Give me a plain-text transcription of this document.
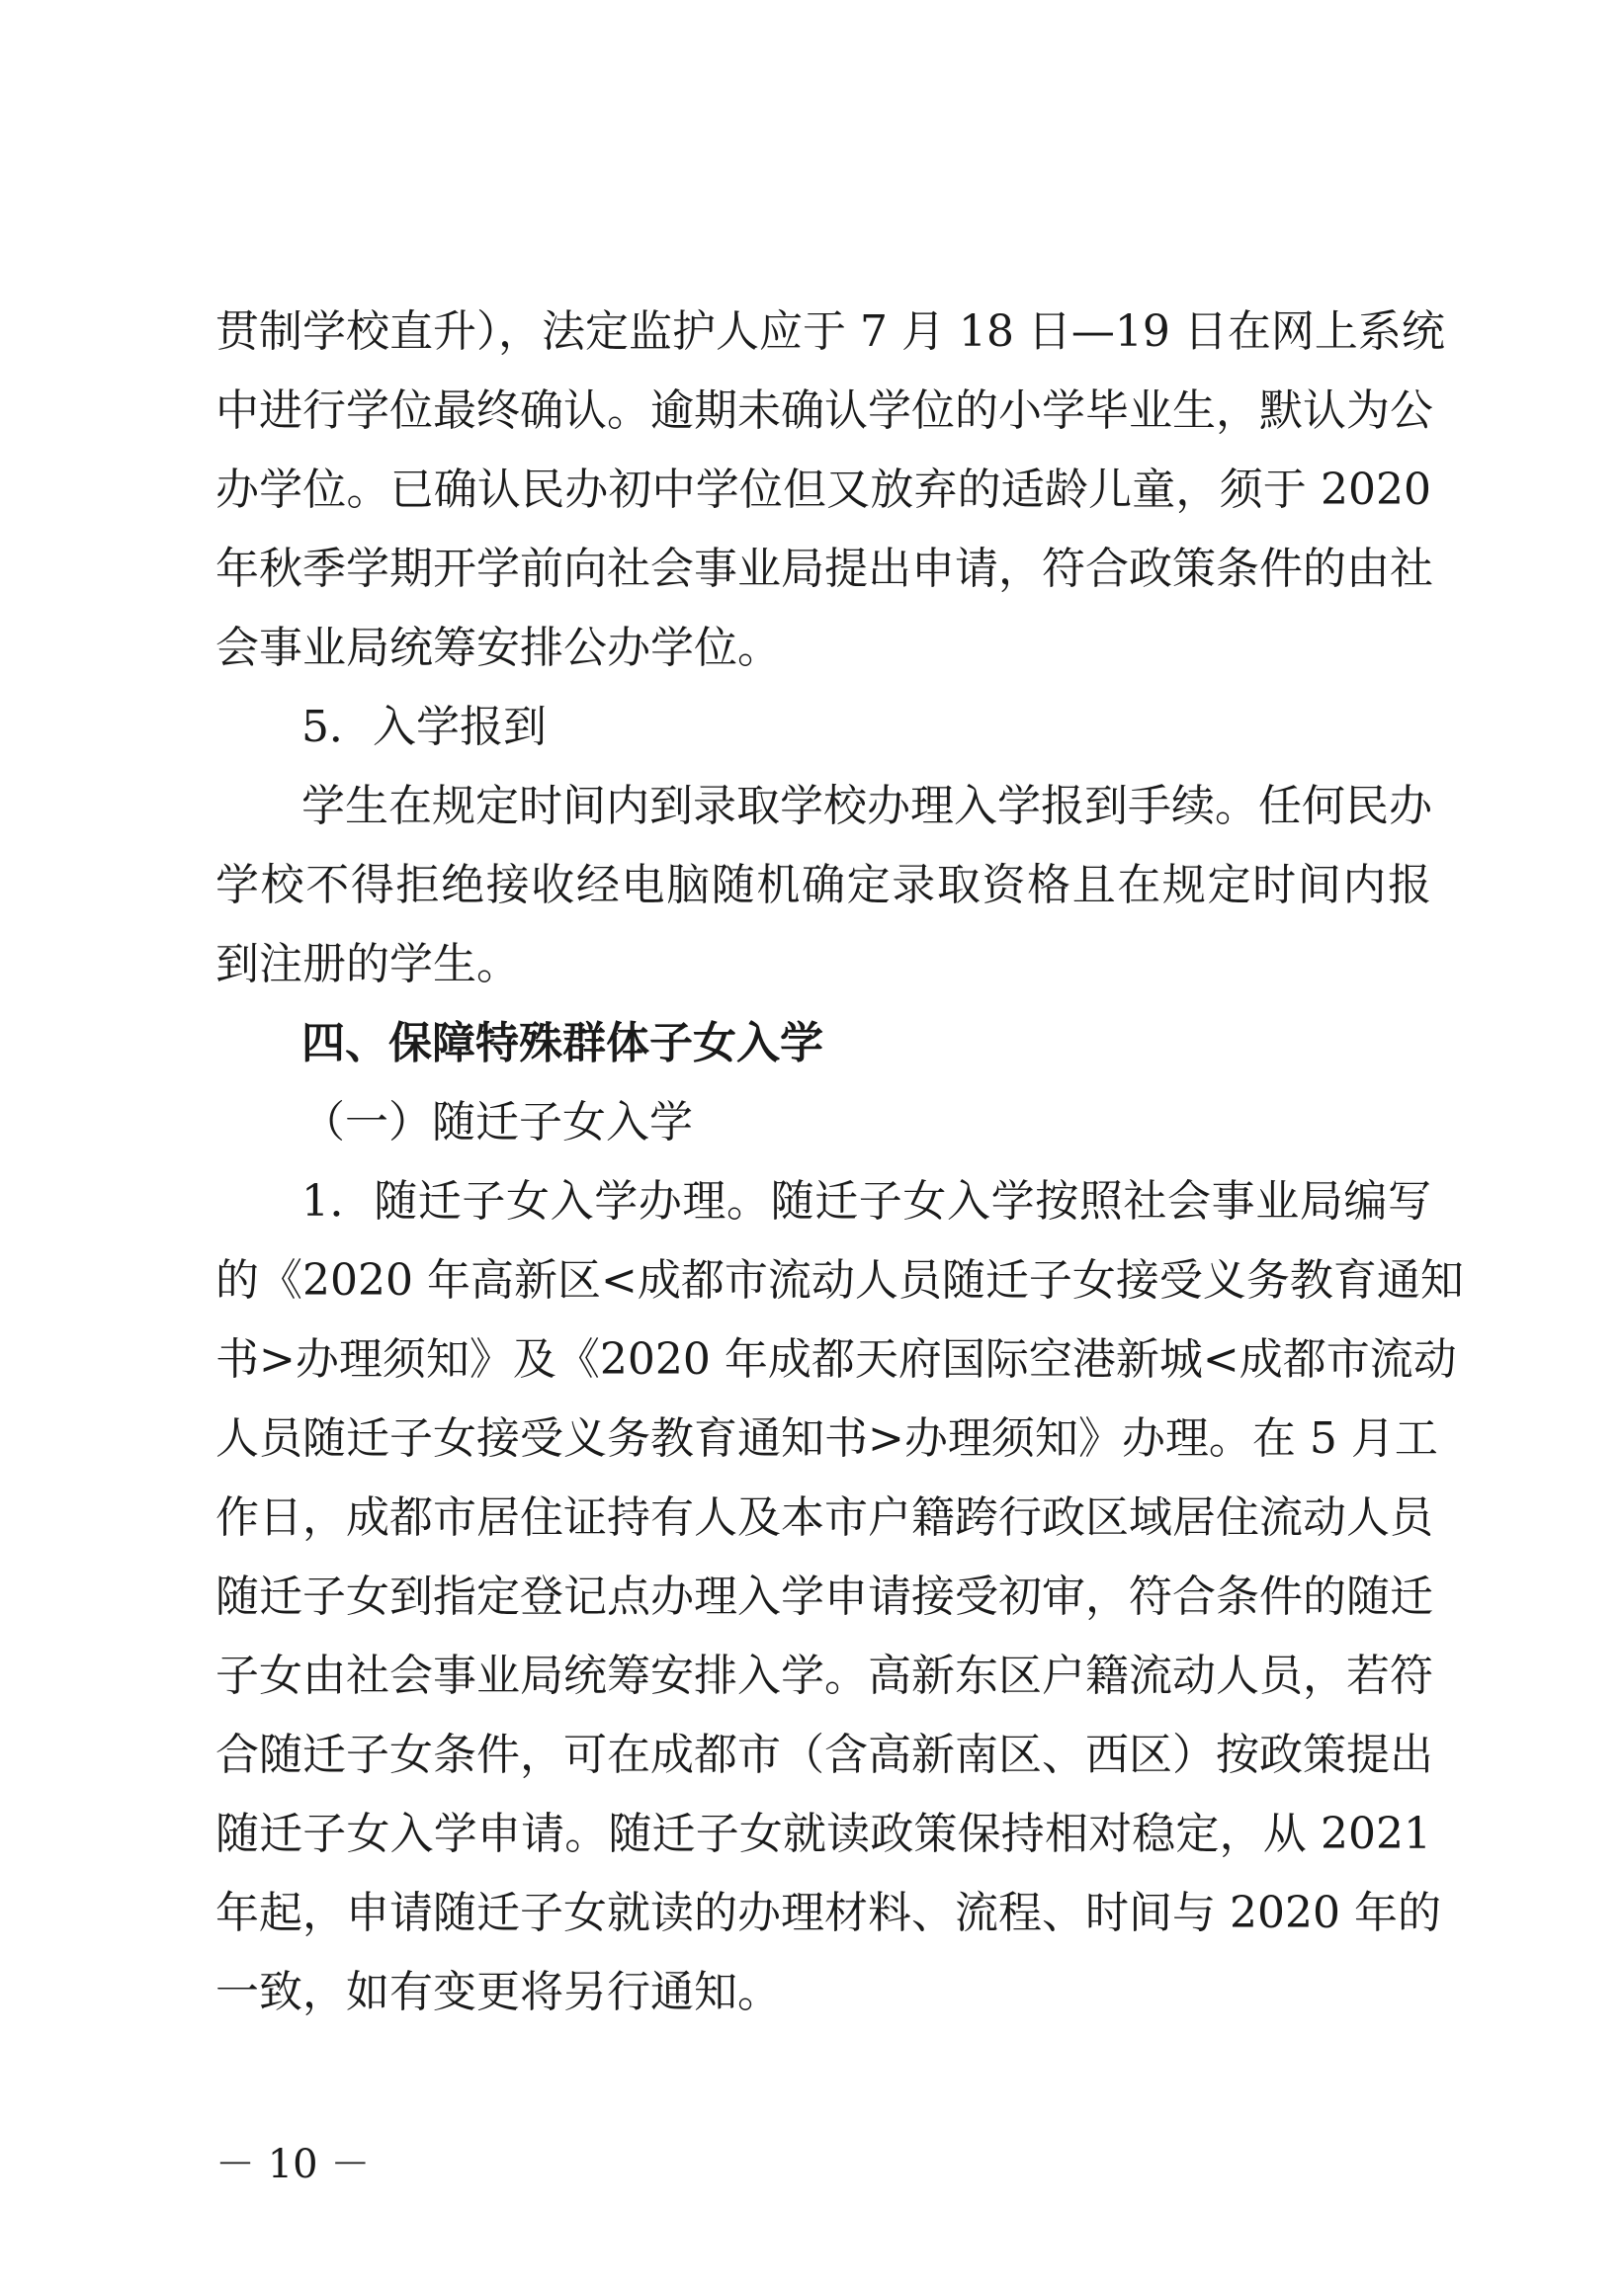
贯制学校直升），法定监护人应于 7 月 18 日—19 日在网上系统
中进行学位最终确认。逾期未确认学位的小学毕业生，默认为公
办学位。已确认民办初中学位但又放弃的适龄儿童，须于 2020
年秋季学期开学前向社会事业局提出申请，符合政策条件的由社
会事业局统筹安排公办学位。
5．入学报到
学生在规定时间内到录取学校办理入学报到手续。任何民办
学校不得拒绝接收经电脑随机确定录取资格且在规定时间内报
到注册的学生。
四、保障特殊群体子女入学
（一）随迁子女入学
1．随迁子女入学办理。随迁子女入学按照社会事业局编写
的《2020 年高新区<成都市流动人员随迁子女接受义务教育通知
书>办理须知》及《2020 年成都天府国际空港新城<成都市流动
人员随迁子女接受义务教育通知书>办理须知》办理。在 5 月工
作日，成都市居住证持有人及本市户籍跨行政区域居住流动人员
随迁子女到指定登记点办理入学申请接受初审，符合条件的随迁
子女由社会事业局统筹安排入学。高新东区户籍流动人员，若符
合随迁子女条件，可在成都市（含高新南区、西区）按政策提出
随迁子女入学申请。随迁子女就读政策保持相对稳定，从 2021
年起，申请随迁子女就读的办理材料、流程、时间与 2020 年的
一致，如有变更将另行通知。
－ 10 －
